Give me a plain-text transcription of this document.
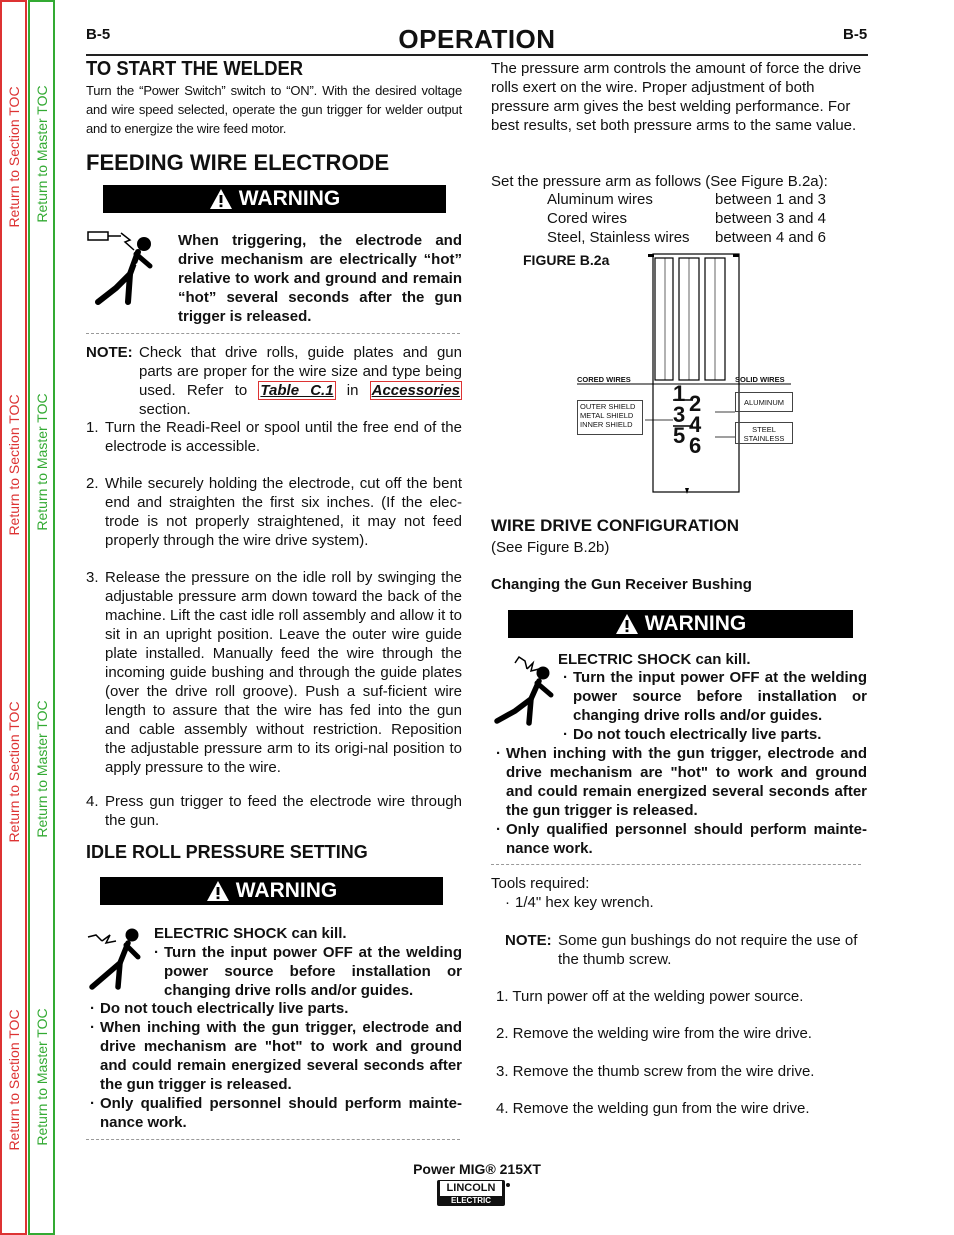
Return to Section TOC
Return to Section TOC
Return to Section TOC
Return to Section TOC
Return to Master TOC
Return to Master TOC
Return to Master TOC
Return to Master TOC
B-5	OPERATION	B-5
TO START THE WELDER
Turn the “Power Switch” switch to “ON”. With the desired voltage and wire speed selected, operate the gun trigger for welder output and to energize the wire feed motor.
FEEDING WIRE ELECTRODE
WARNING
When triggering, the electrode and drive mechanism are electrically “hot” relative to work and ground and remain “hot” several seconds after the gun trigger is released.
NOTE: Check that drive rolls, guide plates and gun parts are proper for the wire size and type being used. Refer to Table C.1 in Accessories section.
1. Turn the Readi-Reel or spool until the free end of the electrode is accessible.
2. While securely holding the electrode, cut off the bent end and straighten the first six inches. (If the elec-trode is not properly straightened, it may not feed properly through the wire drive system).
3. Release the pressure on the idle roll by swinging the adjustable pressure arm down toward the back of the machine. Lift the cast idle roll assembly and allow it to sit in an upright position. Leave the outer wire guide plate installed. Manually feed the wire through the incoming guide bushing and through the guide plates (over the drive roll groove). Push a suf-ficient wire length to assure that the wire has fed into the gun and cable assembly without restriction. Reposition the adjustable pressure arm to its origi-nal position to apply pressure to the wire.
4. Press gun trigger to feed the electrode wire through the gun.
IDLE ROLL PRESSURE SETTING
WARNING
ELECTRIC SHOCK can kill.
· Turn the input power OFF at the welding power source before installation or changing drive rolls and/or guides.
· Do not touch electrically live parts.
· When inching with the gun trigger, electrode and drive mechanism are "hot" to work and ground and could remain energized several seconds after the gun trigger is released.
· Only qualified personnel should perform mainte-nance work.
The pressure arm controls the amount of force the drive rolls exert on the wire. Proper adjustment of both pressure arm gives the best welding performance. For best results, set both pressure arms to the same value.
Set the pressure arm as follows (See Figure B.2a):
Aluminum wires	between 1 and 3
Cored wires	between 3 and 4
Steel, Stainless wires	between 4 and 6
FIGURE B.2a
CORED WIRES	SOLID WIRES
OUTER SHIELD
METAL SHIELD
INNER SHIELD
ALUMINUM
STEEL
STAINLESS
1 2
3 4
5 6
WIRE DRIVE CONFIGURATION
(See Figure B.2b)
Changing the Gun Receiver Bushing
WARNING
ELECTRIC SHOCK can kill.
· Turn the input power OFF at the welding power source before installation or changing drive rolls and/or guides.
· Do not touch electrically live parts.
· When inching with the gun trigger, electrode and drive mechanism are "hot" to work and ground and could remain energized several seconds after the gun trigger is released.
· Only qualified personnel should perform mainte-nance work.
Tools required:
· 1/4" hex key wrench.
NOTE: Some gun bushings do not require the use of the thumb screw.
1. Turn power off at the welding power source.
2. Remove the welding wire from the wire drive.
3. Remove the thumb screw from the wire drive.
4. Remove the welding gun from the wire drive.
Power MIG® 215XT
LINCOLN
ELECTRIC
